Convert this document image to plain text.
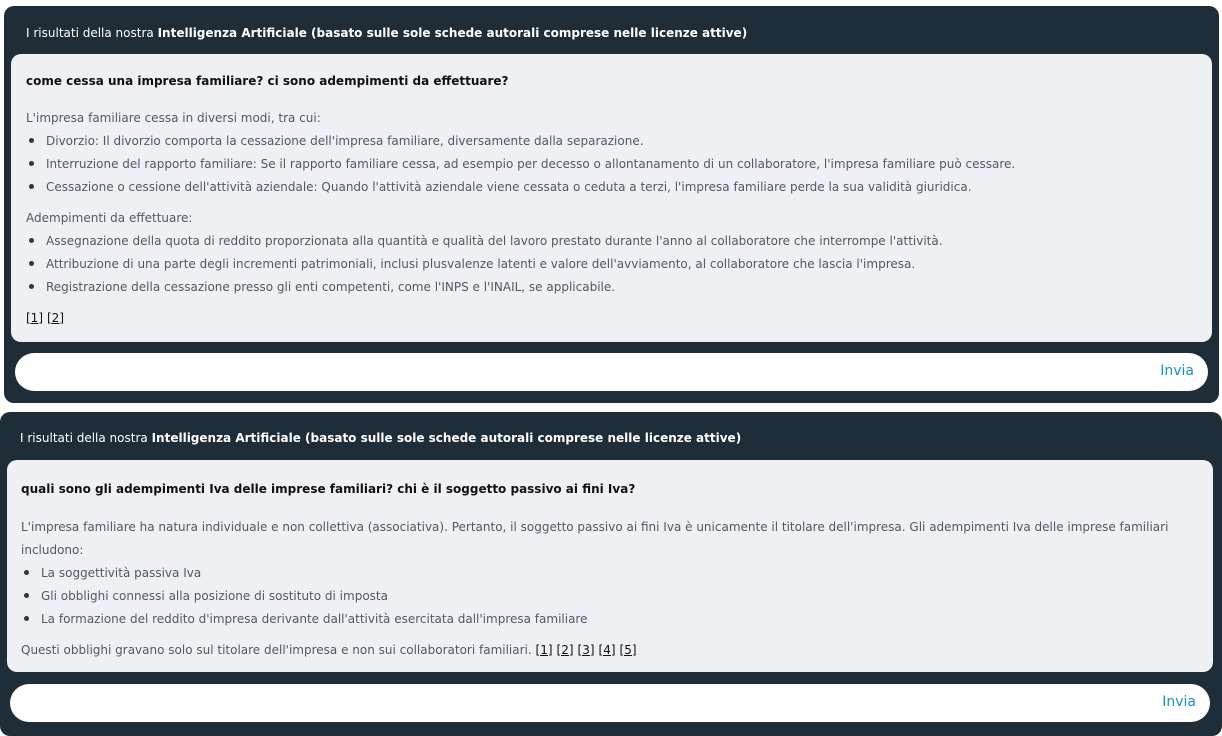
I risultati della nostra Intelligenza Artificiale (basato sulle sole schede autorali comprese nelle licenze attive)
come cessa una impresa familiare? ci sono adempimenti da effettuare?
L'impresa familiare cessa in diversi modi, tra cui:
Divorzio: Il divorzio comporta la cessazione dell'impresa familiare, diversamente dalla separazione.
Interruzione del rapporto familiare: Se il rapporto familiare cessa, ad esempio per decesso o allontanamento di un collaboratore, l'impresa familiare può cessare.
Cessazione o cessione dell'attività aziendale: Quando l'attività aziendale viene cessata o ceduta a terzi, l'impresa familiare perde la sua validità giuridica.
Adempimenti da effettuare:
Assegnazione della quota di reddito proporzionata alla quantità e qualità del lavoro prestato durante l'anno al collaboratore che interrompe l'attività.
Attribuzione di una parte degli incrementi patrimoniali, inclusi plusvalenze latenti e valore dell'avviamento, al collaboratore che lascia l'impresa.
Registrazione della cessazione presso gli enti competenti, come l'INPS e l'INAIL, se applicabile.
[1] [2]
Invia
I risultati della nostra Intelligenza Artificiale (basato sulle sole schede autorali comprese nelle licenze attive)
quali sono gli adempimenti Iva delle imprese familiari? chi è il soggetto passivo ai fini Iva?
L'impresa familiare ha natura individuale e non collettiva (associativa). Pertanto, il soggetto passivo ai fini Iva è unicamente il titolare dell'impresa. Gli adempimenti Iva delle imprese familiari
includono:
La soggettività passiva Iva
Gli obblighi connessi alla posizione di sostituto di imposta
La formazione del reddito d'impresa derivante dall'attività esercitata dall'impresa familiare
Questi obblighi gravano solo sul titolare dell'impresa e non sui collaboratori familiari. [1] [2] [3] [4] [5]
Invia
